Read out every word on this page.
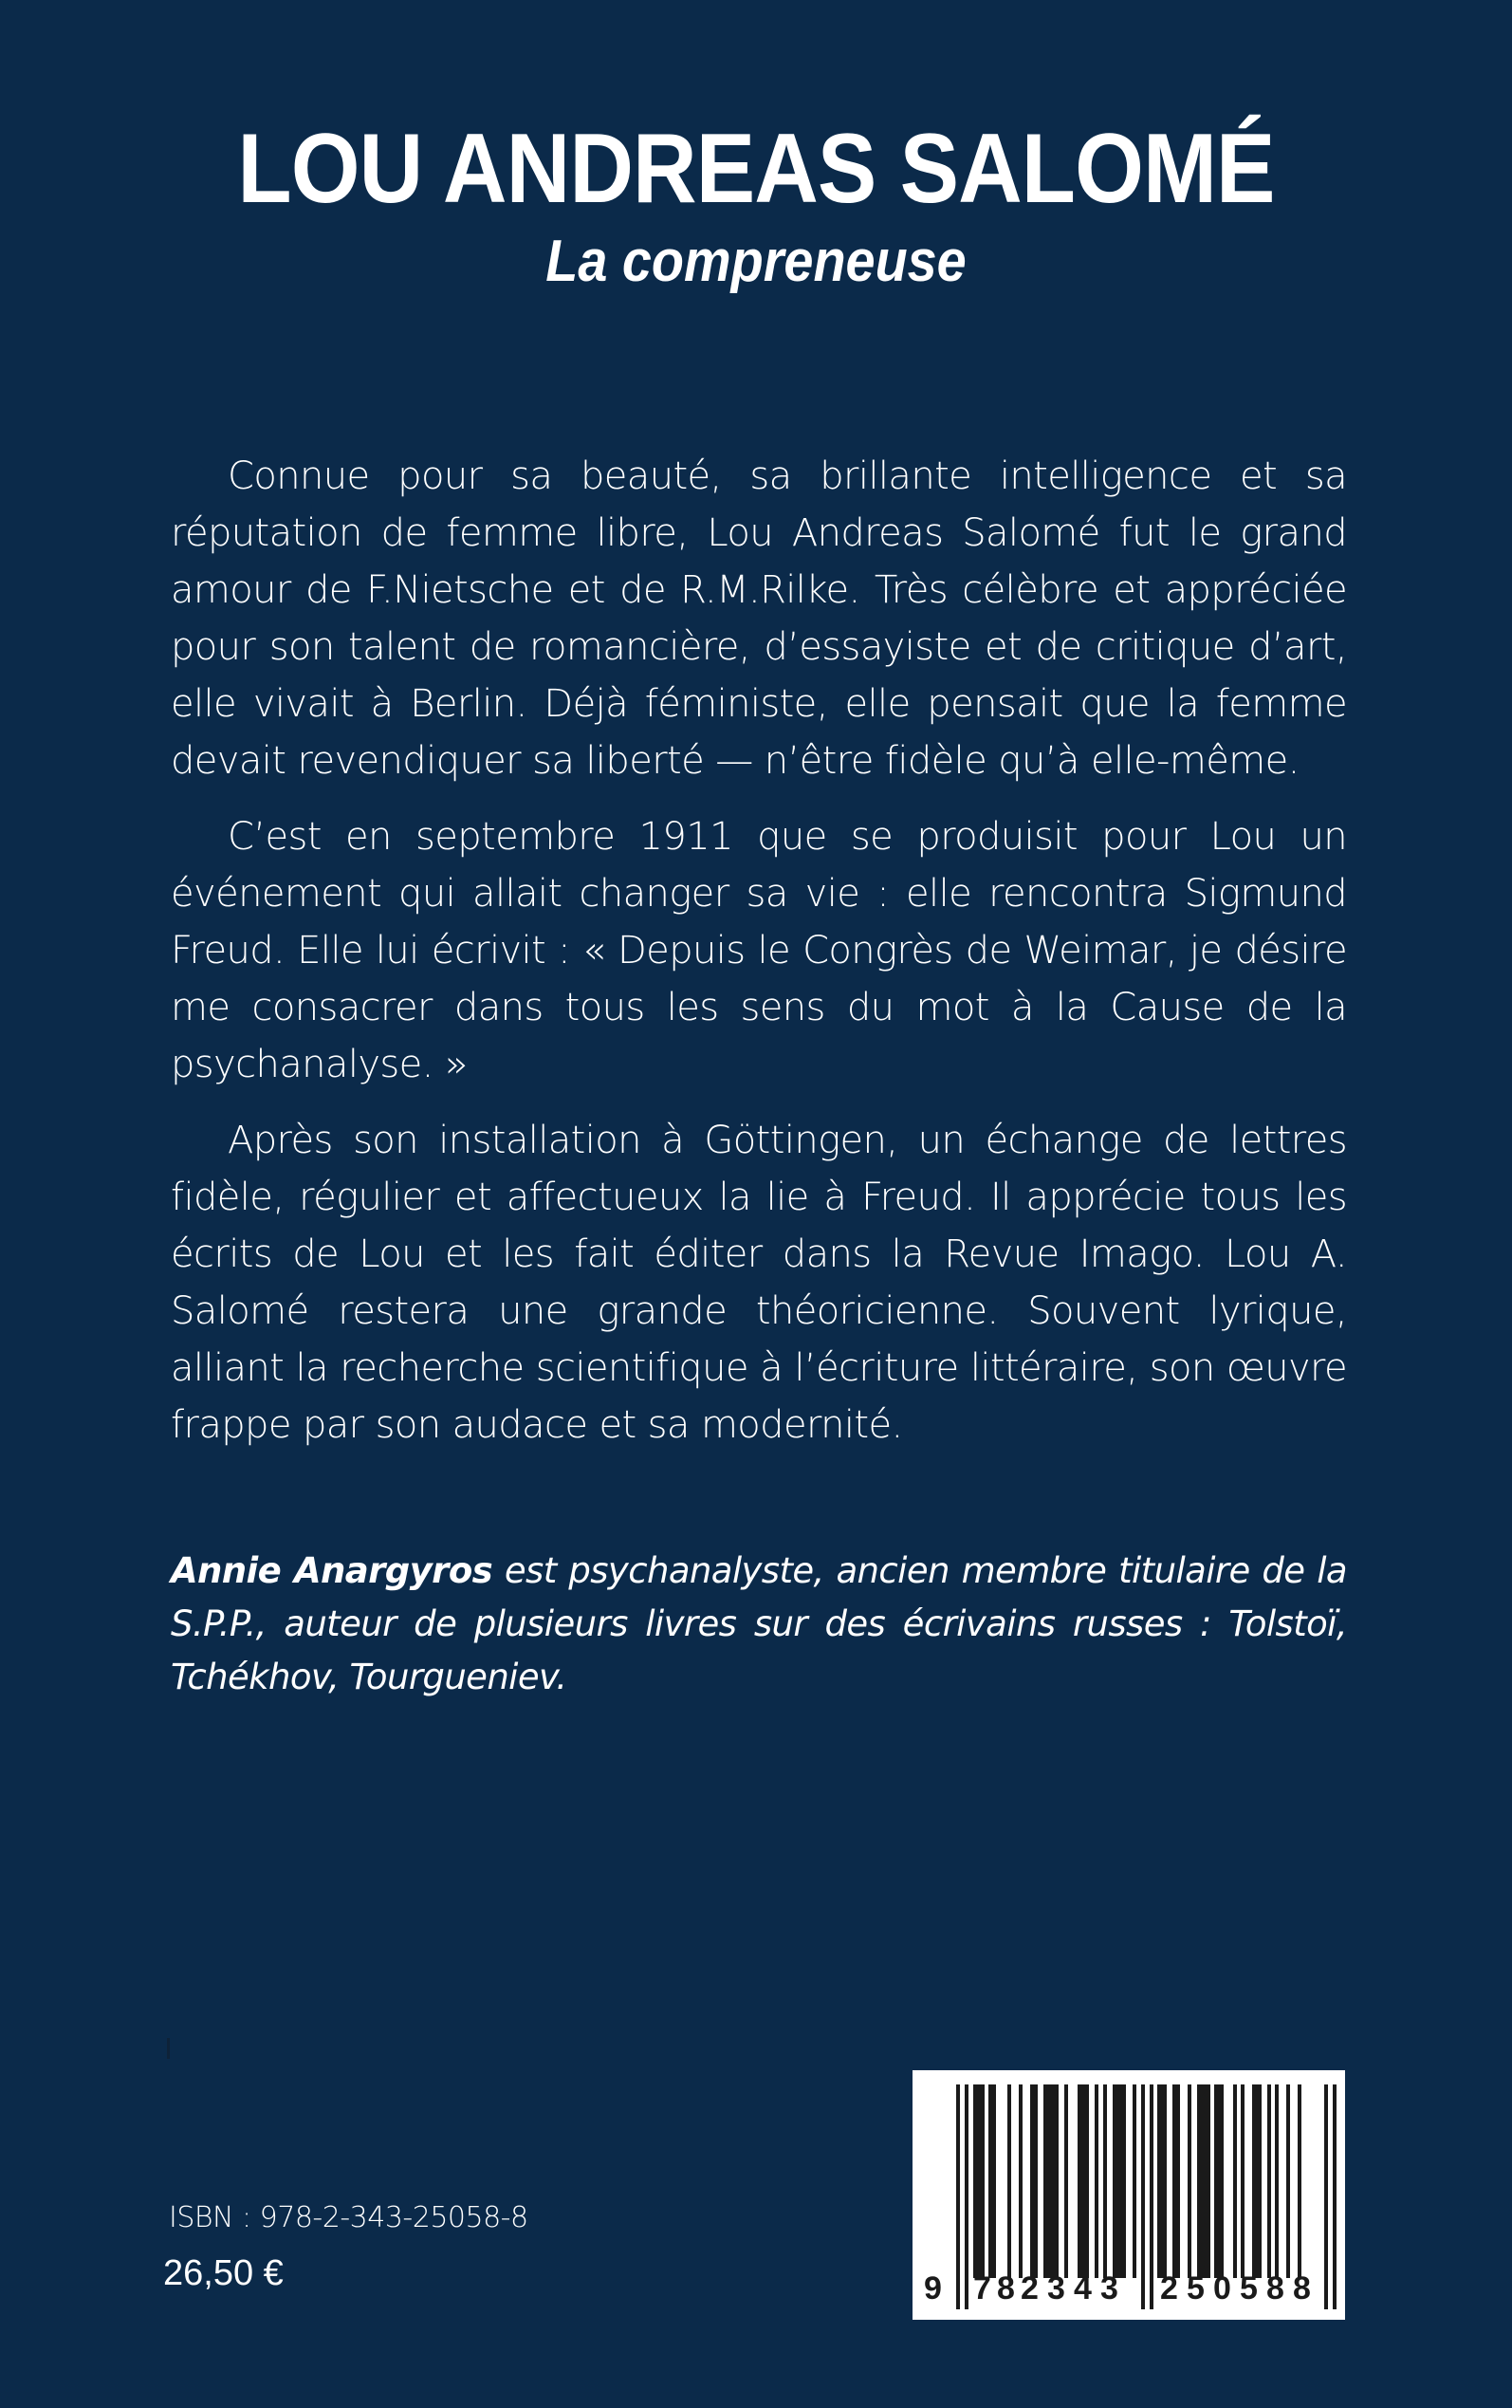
LOU ANDREAS SALOMÉ
La compreneuse

Connue pour sa beauté, sa brillante intelligence et sa réputation de femme libre, Lou Andreas Salomé fut le grand amour de F.Nietsche et de R.M.Rilke. Très célèbre et appréciée pour son talent de romancière, d’essayiste et de critique d’art, elle vivait à Berlin. Déjà féministe, elle pensait que la femme devait revendiquer sa liberté — n’être fidèle qu’à elle-même.

C’est en septembre 1911 que se produisit pour Lou un événement qui allait changer sa vie : elle rencontra Sigmund Freud. Elle lui écrivit : « Depuis le Congrès de Weimar, je désire me consacrer dans tous les sens du mot à la Cause de la psychanalyse. »

Après son installation à Göttingen, un échange de lettres fidèle, régulier et affectueux la lie à Freud. Il apprécie tous les écrits de Lou et les fait éditer dans la Revue Imago. Lou A. Salomé restera une grande théoricienne. Souvent lyrique, alliant la recherche scientifique à l’écriture littéraire, son œuvre frappe par son audace et sa modernité.

Annie Anargyros est psychanalyste, ancien membre titulaire de la S.P.P., auteur de plusieurs livres sur des écrivains russes : Tolstoï, Tchékhov, Tourgueniev.

ISBN : 978-2-343-25058-8
26,50 €	9 7 8 2 3 4 3 2 5 0 5 8 8
